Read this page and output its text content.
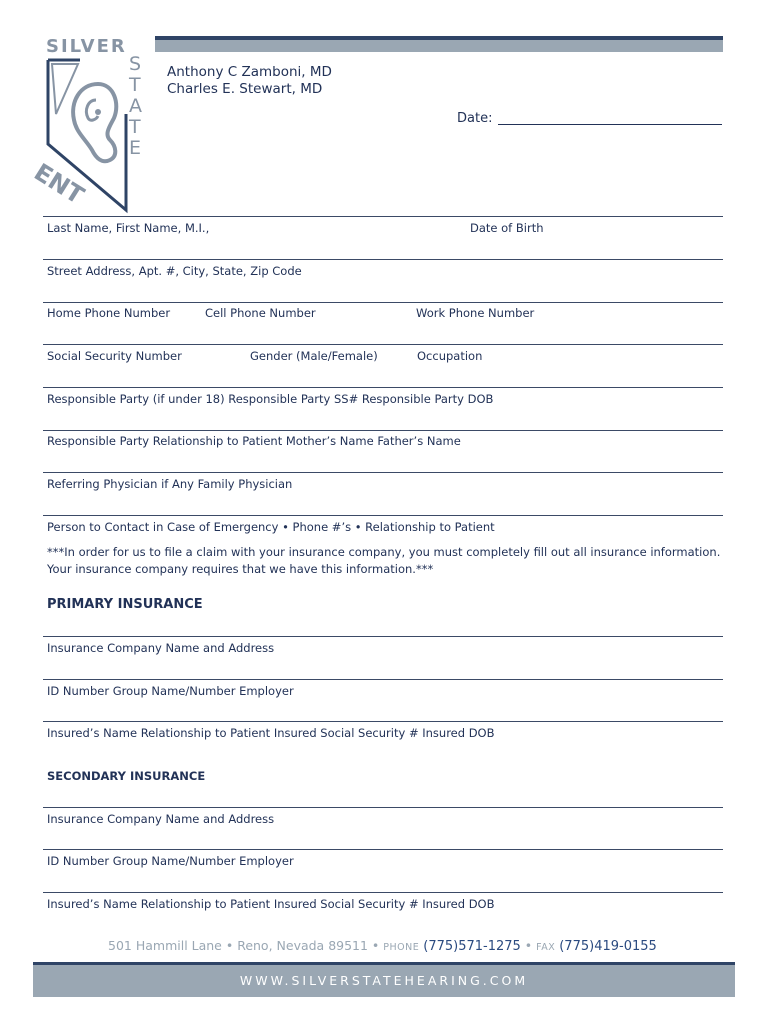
SILVER
S
T
A
T
E
ENT
Anthony C Zamboni, MD
Charles E. Stewart, MD
Date:
Last Name, First Name, M.I.,	Date of Birth
Street Address, Apt. #, City, State, Zip Code
Home Phone Number	Cell Phone Number	Work Phone Number
Social Security Number	Gender (Male/Female)	Occupation
Responsible Party (if under 18) Responsible Party SS# Responsible Party DOB
Responsible Party Relationship to Patient Mother’s Name Father’s Name
Referring Physician if Any Family Physician
Person to Contact in Case of Emergency • Phone #’s • Relationship to Patient
***In order for us to file a claim with your insurance company, you must completely fill out all insurance information. Your insurance company requires that we have this information.***
PRIMARY INSURANCE
Insurance Company Name and Address
ID Number Group Name/Number Employer
Insured’s Name Relationship to Patient Insured Social Security # Insured DOB
SECONDARY INSURANCE
Insurance Company Name and Address
ID Number Group Name/Number Employer
Insured’s Name Relationship to Patient Insured Social Security # Insured DOB
501 Hammill Lane • Reno, Nevada 89511 • PHONE (775)571-1275 • FAX (775)419-0155
WWW.SILVERSTATEHEARING.COM
